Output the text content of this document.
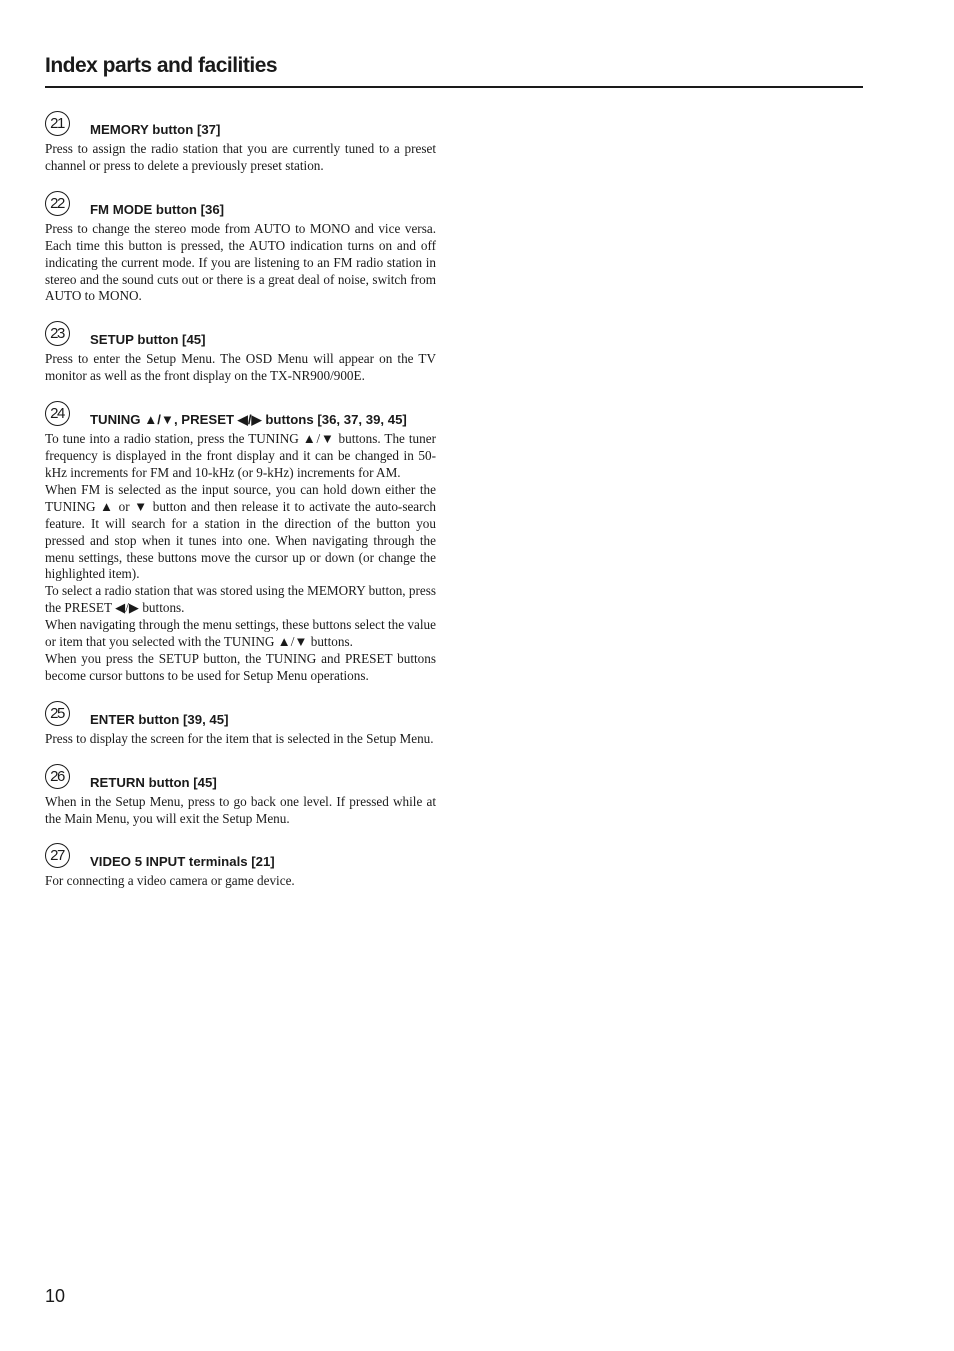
Index parts and facilities
21	MEMORY button [37]

Press to assign the radio station that you are currently tuned to a preset channel or press to delete a previously preset station.

22	FM MODE button [36]

Press to change the stereo mode from AUTO to MONO and vice versa. Each time this button is pressed, the AUTO indication turns on and off indicating the current mode. If you are listening to an FM radio station in stereo and the sound cuts out or there is a great deal of noise, switch from AUTO to MONO.

23	SETUP button [45]

Press to enter the Setup Menu. The OSD Menu will appear on the TV monitor as well as the front display on the TX-NR900/900E.

24	TUNING ▲/▼, PRESET ◀/▶ buttons [36, 37, 39, 45]

To tune into a radio station, press the TUNING ▲/▼ buttons. The tuner frequency is displayed in the front display and it can be changed in 50-kHz increments for FM and 10-kHz (or 9-kHz) increments for AM.

When FM is selected as the input source, you can hold down either the TUNING ▲ or ▼ button and then release it to activate the auto-search feature. It will search for a station in the direction of the button you pressed and stop when it tunes into one. When navigating through the menu settings, these buttons move the cursor up or down (or change the highlighted item).

To select a radio station that was stored using the MEMORY button, press the PRESET ◀/▶ buttons.

When navigating through the menu settings, these buttons select the value or item that you selected with the TUNING ▲/▼ buttons.

When you press the SETUP button, the TUNING and PRESET buttons become cursor buttons to be used for Setup Menu operations.

25	ENTER button [39, 45]

Press to display the screen for the item that is selected in the Setup Menu.

26	RETURN button [45]

When in the Setup Menu, press to go back one level. If pressed while at the Main Menu, you will exit the Setup Menu.

27	VIDEO 5 INPUT terminals [21]

For connecting a video camera or game device.

10
